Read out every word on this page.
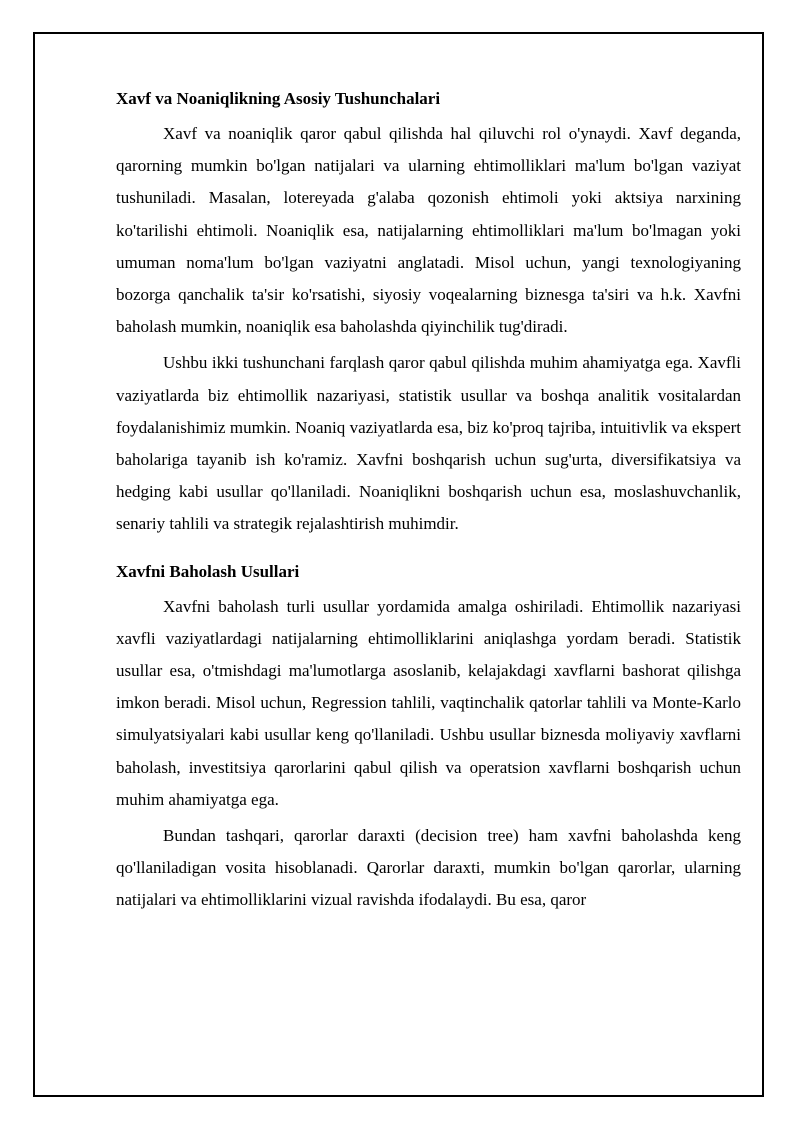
Xavf va Noaniqlikning Asosiy Tushunchalari

Xavf va noaniqlik qaror qabul qilishda hal qiluvchi rol o'ynaydi. Xavf deganda, qarorning mumkin bo'lgan natijalari va ularning ehtimolliklari ma'lum bo'lgan vaziyat tushuniladi. Masalan, lotereyada g'alaba qozonish ehtimoli yoki aktsiya narxining ko'tarilishi ehtimoli. Noaniqlik esa, natijalarning ehtimolliklari ma'lum bo'lmagan yoki umuman noma'lum bo'lgan vaziyatni anglatadi. Misol uchun, yangi texnologiyaning bozorga qanchalik ta'sir ko'rsatishi, siyosiy voqealarning biznesga ta'siri va h.k. Xavfni baholash mumkin, noaniqlik esa baholashda qiyinchilik tug'diradi.

Ushbu ikki tushunchani farqlash qaror qabul qilishda muhim ahamiyatga ega. Xavfli vaziyatlarda biz ehtimollik nazariyasi, statistik usullar va boshqa analitik vositalardan foydalanishimiz mumkin. Noaniq vaziyatlarda esa, biz ko'proq tajriba, intuitivlik va ekspert baholariga tayanib ish ko'ramiz. Xavfni boshqarish uchun sug'urta, diversifikatsiya va hedging kabi usullar qo'llaniladi. Noaniqlikni boshqarish uchun esa, moslashuvchanlik, senariy tahlili va strategik rejalashtirish muhimdir.

Xavfni Baholash Usullari

Xavfni baholash turli usullar yordamida amalga oshiriladi. Ehtimollik nazariyasi xavfli vaziyatlardagi natijalarning ehtimolliklarini aniqlashga yordam beradi. Statistik usullar esa, o'tmishdagi ma'lumotlarga asoslanib, kelajakdagi xavflarni bashorat qilishga imkon beradi. Misol uchun, Regression tahlili, vaqtinchalik qatorlar tahlili va Monte-Karlo simulyatsiyalari kabi usullar keng qo'llaniladi. Ushbu usullar biznesda moliyaviy xavflarni baholash, investitsiya qarorlarini qabul qilish va operatsion xavflarni boshqarish uchun muhim ahamiyatga ega.

Bundan tashqari, qarorlar daraxti (decision tree) ham xavfni baholashda keng qo'llaniladigan vosita hisoblanadi. Qarorlar daraxti, mumkin bo'lgan qarorlar, ularning natijalari va ehtimolliklarini vizual ravishda ifodalaydi. Bu esa, qaror
